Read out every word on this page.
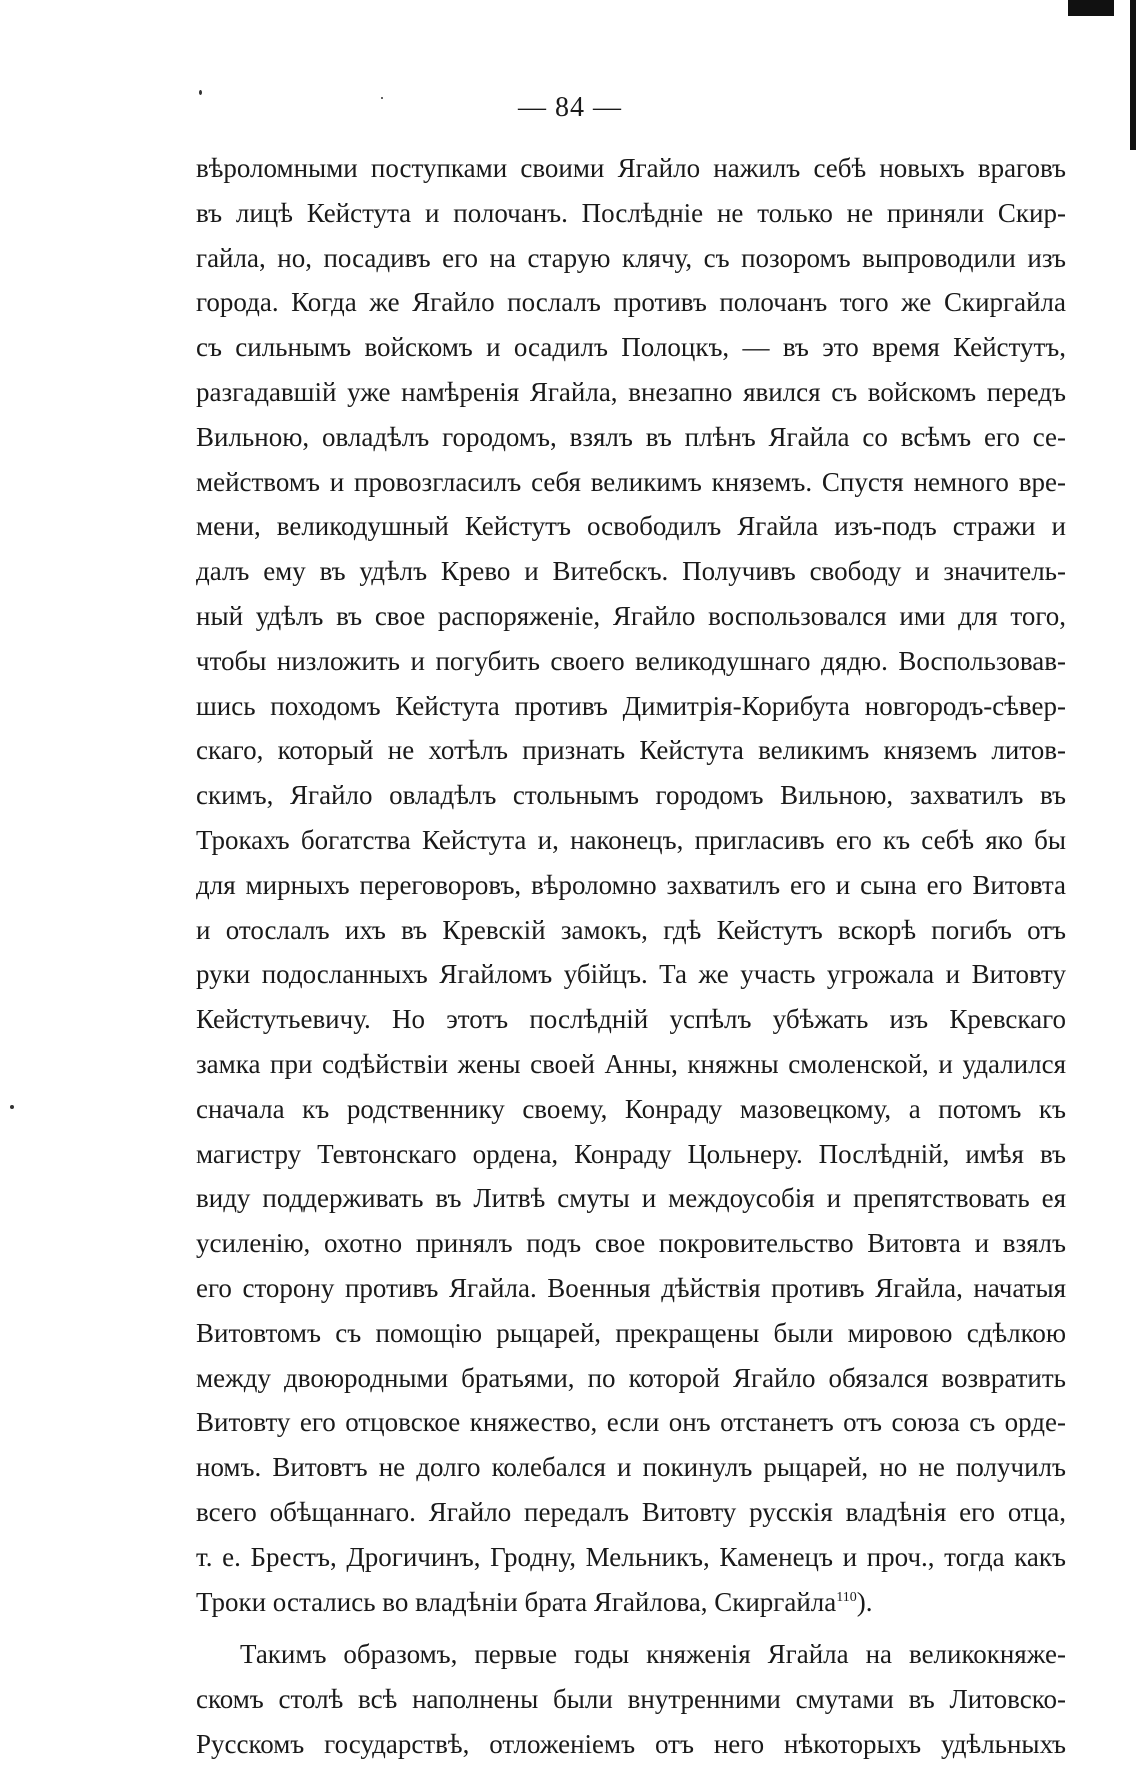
— 84 —
вѣроломными поступками своими Ягайло нажилъ себѣ новыхъ враговъ
въ лицѣ Кейстута и полочанъ. Послѣдніе не только не приняли Скир-
гайла, но, посадивъ его на старую клячу, съ позоромъ выпроводили изъ
города. Когда же Ягайло послалъ противъ полочанъ того же Скиргайла
съ сильнымъ войскомъ и осадилъ Полоцкъ, — въ это время Кейстутъ,
разгадавшій уже намѣренія Ягайла, внезапно явился съ войскомъ передъ
Вильною, овладѣлъ городомъ, взялъ въ плѣнъ Ягайла со всѣмъ его се-
мействомъ и провозгласилъ себя великимъ княземъ. Спустя немного вре-
мени, великодушный Кейстутъ освободилъ Ягайла изъ-подъ стражи и
далъ ему въ удѣлъ Крево и Витебскъ. Получивъ свободу и значитель-
ный удѣлъ въ свое распоряженіе, Ягайло воспользовался ими для того,
чтобы низложить и погубить своего великодушнаго дядю. Воспользовав-
шись походомъ Кейстута противъ Димитрія-Корибута новгородъ-сѣвер-
скаго, который не хотѣлъ признать Кейстута великимъ княземъ литов-
скимъ, Ягайло овладѣлъ стольнымъ городомъ Вильною, захватилъ въ
Трокахъ богатства Кейстута и, наконецъ, пригласивъ его къ себѣ яко бы
для мирныхъ переговоровъ, вѣроломно захватилъ его и сына его Витовта
и отослалъ ихъ въ Кревскій замокъ, гдѣ Кейстутъ вскорѣ погибъ отъ
руки подосланныхъ Ягайломъ убійцъ. Та же участь угрожала и Витовту
Кейстутьевичу. Но этотъ послѣдній успѣлъ убѣжать изъ Кревскаго
замка при содѣйствіи жены своей Анны, княжны смоленской, и удалился
сначала къ родственнику своему, Конраду мазовецкому, а потомъ къ
магистру Тевтонскаго ордена, Конраду Цольнеру. Послѣдній, имѣя въ
виду поддерживать въ Литвѣ смуты и междоусобія и препятствовать ея
усиленію, охотно принялъ подъ свое покровительство Витовта и взялъ
его сторону противъ Ягайла. Военныя дѣйствія противъ Ягайла, начатыя
Витовтомъ съ помощію рыцарей, прекращены были мировою сдѣлкою
между двоюродными братьями, по которой Ягайло обязался возвратить
Витовту его отцовское княжество, если онъ отстанетъ отъ союза съ орде-
номъ. Витовтъ не долго колебался и покинулъ рыцарей, но не получилъ
всего обѣщаннаго. Ягайло передалъ Витовту русскія владѣнія его отца,
т. е. Брестъ, Дрогичинъ, Гродну, Мельникъ, Каменецъ и проч., тогда какъ
Троки остались во владѣніи брата Ягайлова, Скиргайла$^{110}$).
Такимъ образомъ, первые годы княженія Ягайла на великокняже-
скомъ столѣ всѣ наполнены были внутренними смутами въ Литовско-
Русскомъ государствѣ, отложеніемъ отъ него нѣкоторыхъ удѣльныхъ
